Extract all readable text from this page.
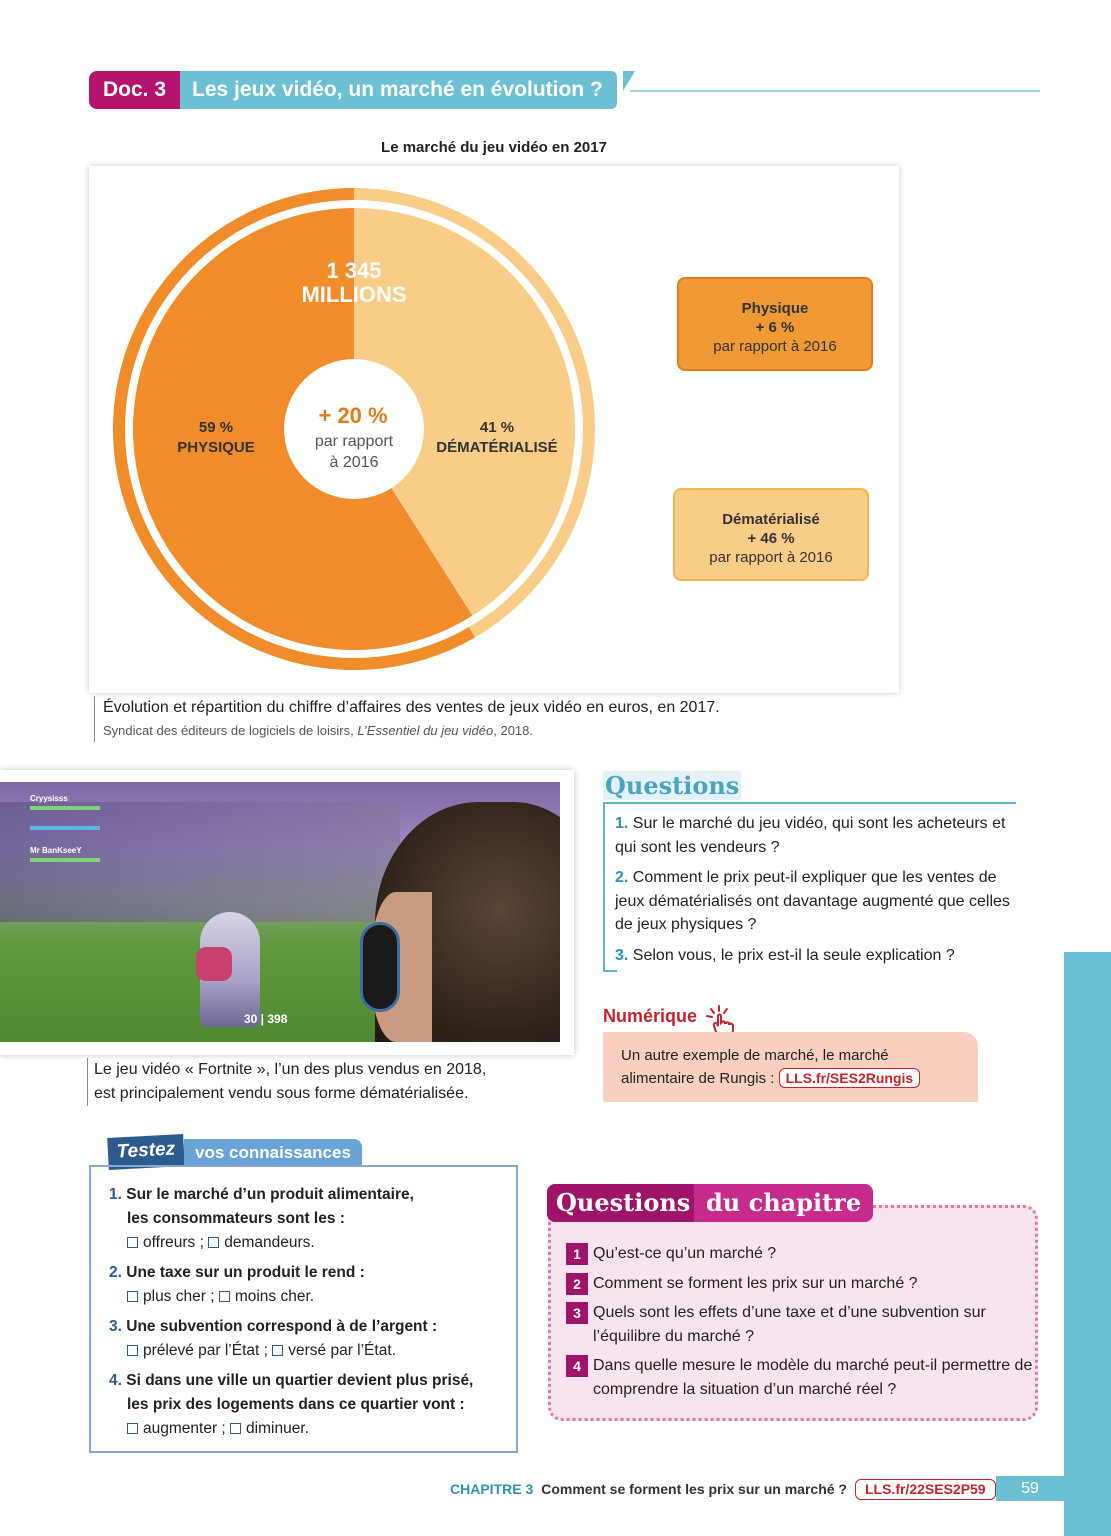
Doc. 3	Les jeux vidéo, un marché en évolution ?
Le marché du jeu vidéo en 2017
1 345
MILLIONS
+ 20 %
par rapport
à 2016
59 %
PHYSIQUE
41 %
DÉMATÉRIALISÉ
Physique
+ 6 %
par rapport à 2016
Dématérialisé
+ 46 %
par rapport à 2016
Évolution et répartition du chiffre d’affaires des ventes de jeux vidéo en euros, en 2017.
Syndicat des éditeurs de logiciels de loisirs, L’Essentiel du jeu vidéo, 2018.
Cryysisss
Mr BanKseeY
30 | 398
Le jeu vidéo « Fortnite », l’un des plus vendus en 2018,
est principalement vendu sous forme dématérialisée.
Questions
1. Sur le marché du jeu vidéo, qui sont les acheteurs et qui sont les vendeurs ?
2. Comment le prix peut-il expliquer que les ventes de jeux dématérialisés ont davantage augmenté que celles de jeux physiques ?
3. Selon vous, le prix est-il la seule explication ?
Numérique
Un autre exemple de marché, le marché alimentaire de Rungis : LLS.fr/SES2Rungis
Testez	vos connaissances
1. Sur le marché d’un produit alimentaire,
les consommateurs sont les :
offreurs ; demandeurs.
2. Une taxe sur un produit le rend :
plus cher ; moins cher.
3. Une subvention correspond à de l’argent :
prélevé par l’État ; versé par l’État.
4. Si dans une ville un quartier devient plus prisé,
les prix des logements dans ce quartier vont :
augmenter ; diminuer.
Questions du chapitre
1 Qu’est-ce qu’un marché ?
2 Comment se forment les prix sur un marché ?
3 Quels sont les effets d’une taxe et d’une subvention sur l’équilibre du marché ?
4 Dans quelle mesure le modèle du marché peut-il permettre de comprendre la situation d’un marché réel ?
CHAPITRE 3 Comment se forment les prix sur un marché ?	LLS.fr/22SES2P59	59
